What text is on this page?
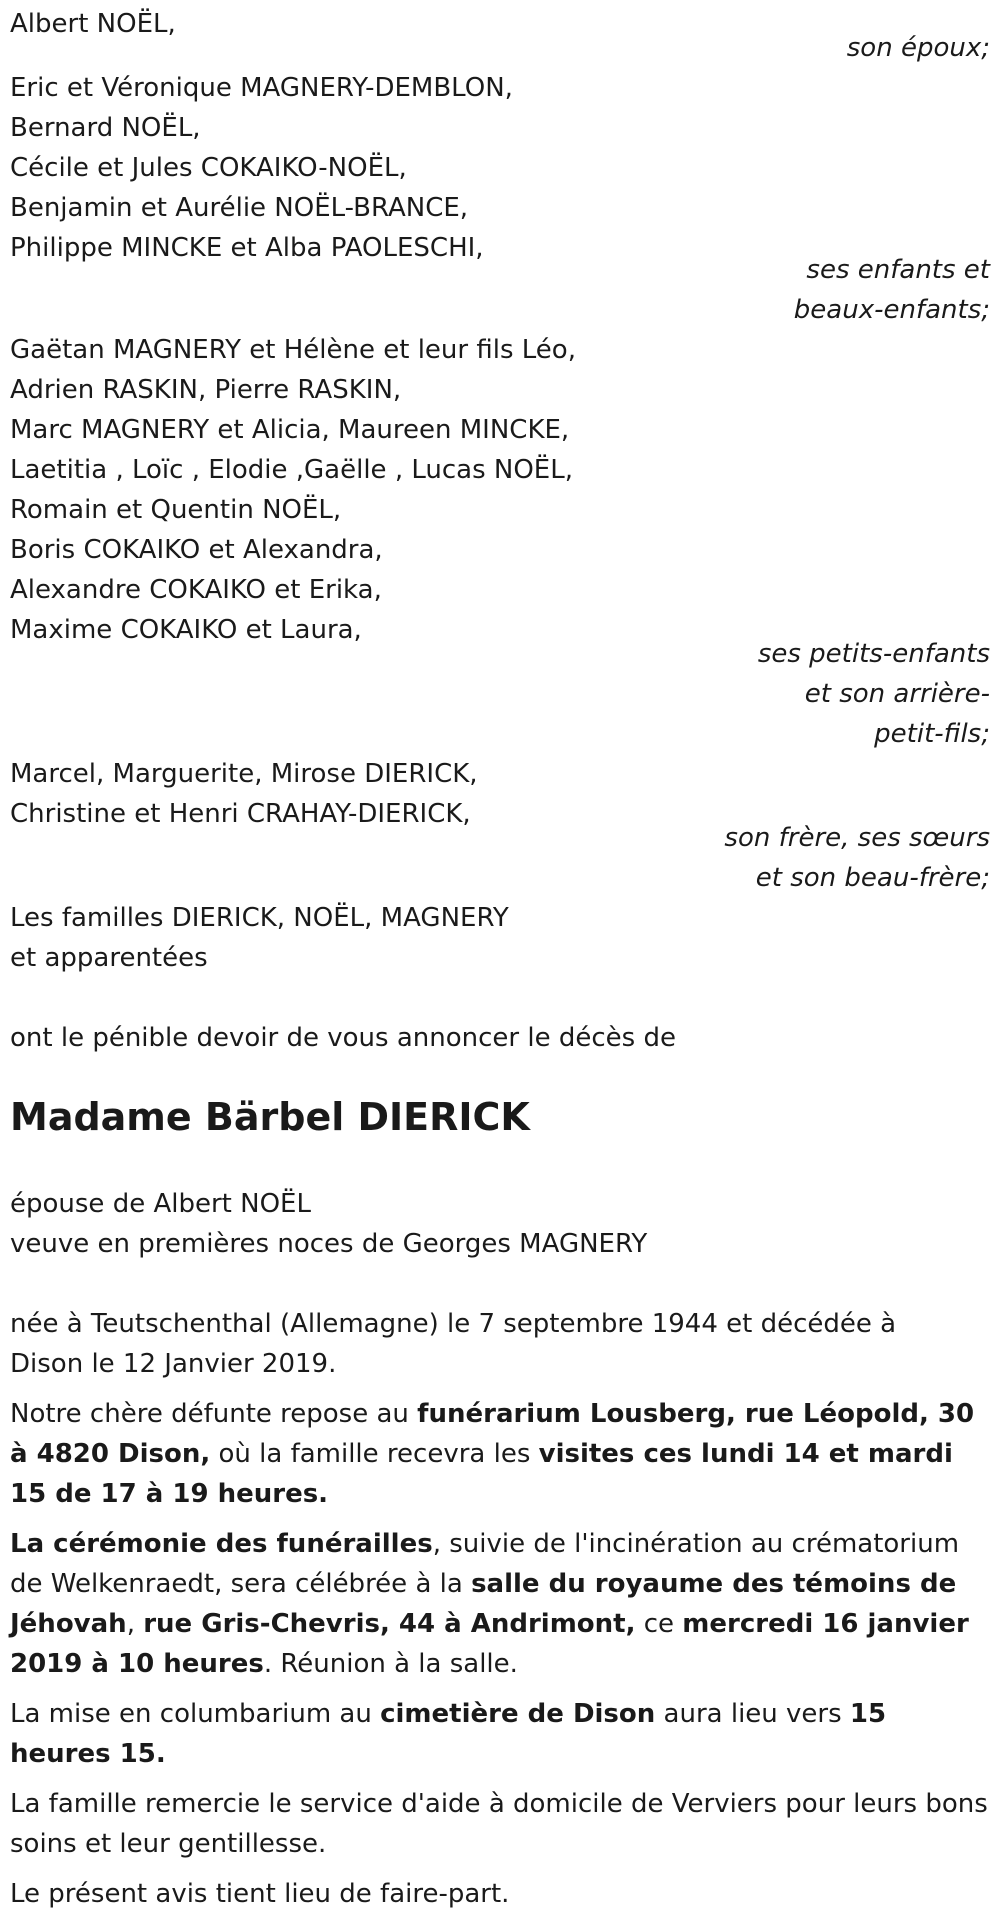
Albert NOËL,

son époux;

Eric et Véronique MAGNERY-DEMBLON,

Bernard NOËL,

Cécile et Jules COKAIKO-NOËL,

Benjamin et Aurélie NOËL-BRANCE,

Philippe MINCKE et Alba PAOLESCHI,

ses enfants et

beaux-enfants;

Gaëtan MAGNERY et Hélène et leur fils Léo,

Adrien RASKIN, Pierre RASKIN,

Marc MAGNERY et Alicia, Maureen MINCKE,

Laetitia , Loïc , Elodie ,Gaëlle , Lucas NOËL,

Romain et Quentin NOËL,

Boris COKAIKO et Alexandra,

Alexandre COKAIKO et Erika,

Maxime COKAIKO et Laura,

ses petits-enfants

et son arrière-

petit-fils;

Marcel, Marguerite, Mirose DIERICK,

Christine et Henri CRAHAY-DIERICK,

son frère, ses sœurs

et son beau-frère;

Les familles DIERICK, NOËL, MAGNERY

et apparentées

ont le pénible devoir de vous annoncer le décès de

Madame Bärbel DIERICK

épouse de Albert NOËL

veuve en premières noces de Georges MAGNERY

née à Teutschenthal (Allemagne) le 7 septembre 1944 et décédée à

Dison le 12 Janvier 2019.

Notre chère défunte repose au funérarium Lousberg, rue Léopold, 30 à 4820 Dison, où la famille recevra les visites ces lundi 14 et mardi 15 de 17 à 19 heures.

La cérémonie des funérailles, suivie de l'incinération au crématorium de Welkenraedt, sera célébrée à la salle du royaume des témoins de Jéhovah, rue Gris-Chevris, 44 à Andrimont, ce mercredi 16 janvier 2019 à 10 heures. Réunion à la salle.

La mise en columbarium au cimetière de Dison aura lieu vers 15 heures 15.

La famille remercie le service d'aide à domicile de Verviers pour leurs bons soins et leur gentillesse.

Le présent avis tient lieu de faire-part.
